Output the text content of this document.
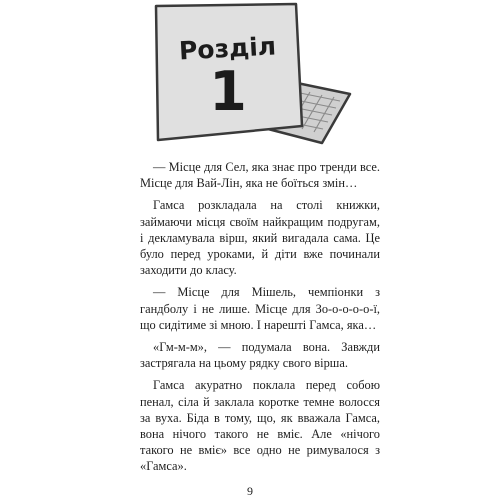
Розділ
1

— Місце для Сел, яка знає про тренди все. Місце для Вай-Лін, яка не боїться змін…

Гамса розкладала на столі книжки, займаючи місця своїм найкращим подругам, і декламувала вірш, який вигадала сама. Це було перед уроками, й діти вже починали заходити до класу.

— Місце для Мішель, чемпіонки з гандболу і не лише. Місце для Зо-о-о-о-о-ї, що сидітиме зі мною. І нарешті Гамса, яка…

«Гм-м-м», — подумала вона. Завжди застрягала на цьому рядку свого вірша.

Гамса акуратно поклала перед собою пенал, сіла й заклала коротке темне волосся за вуха. Біда в тому, що, як вважала Гамса, вона нічого такого не вміє. Але «нічого такого не вміє» все одно не римувалося з «Гамса».

9
